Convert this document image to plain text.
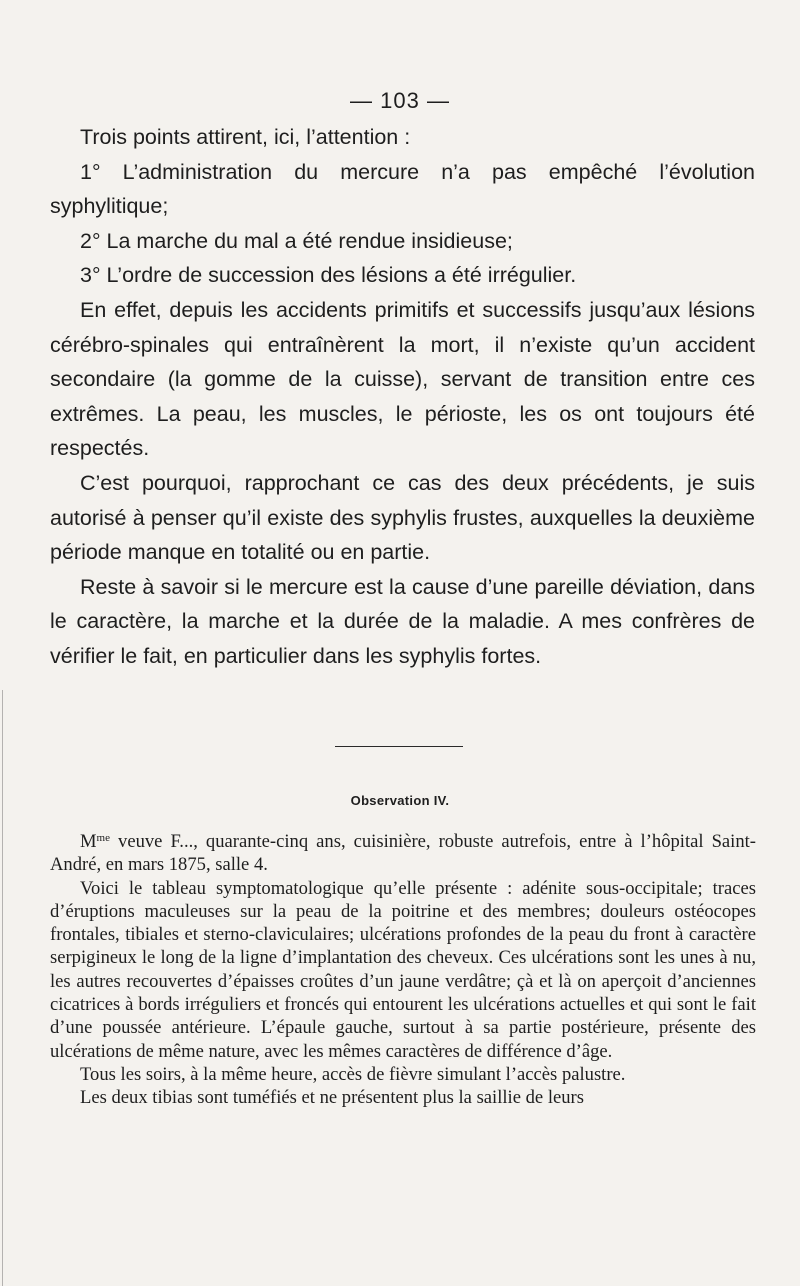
— 103 —

Trois points attirent, ici, l’attention :

1° L’administration du mercure n’a pas empêché l’évolution syphylitique;

2° La marche du mal a été rendue insidieuse;

3° L’ordre de succession des lésions a été irrégulier.

En effet, depuis les accidents primitifs et successifs jusqu’aux lésions cérébro-spinales qui entraînèrent la mort, il n’existe qu’un accident secondaire (la gomme de la cuisse), servant de transition entre ces extrêmes. La peau, les muscles, le périoste, les os ont toujours été respectés.

C’est pourquoi, rapprochant ce cas des deux précédents, je suis autorisé à penser qu’il existe des syphylis frustes, auxquelles la deuxième période manque en totalité ou en partie.

Reste à savoir si le mercure est la cause d’une pareille déviation, dans le caractère, la marche et la durée de la maladie. A mes confrères de vérifier le fait, en particulier dans les syphylis fortes.

Observation IV.

$M^{me}$ veuve F..., quarante-cinq ans, cuisinière, robuste autrefois, entre à l’hôpital Saint-André, en mars 1875, salle 4.

Voici le tableau symptomatologique qu’elle présente : adénite sous-occipitale; traces d’éruptions maculeuses sur la peau de la poitrine et des membres; douleurs ostéocopes frontales, tibiales et sterno-claviculaires; ulcérations profondes de la peau du front à caractère serpigineux le long de la ligne d’implantation des cheveux. Ces ulcérations sont les unes à nu, les autres recouvertes d’épaisses croûtes d’un jaune verdâtre; çà et là on aperçoit d’anciennes cicatrices à bords irréguliers et froncés qui entourent les ulcérations actuelles et qui sont le fait d’une poussée antérieure. L’épaule gauche, surtout à sa partie postérieure, présente des ulcérations de même nature, avec les mêmes caractères de différence d’âge.

Tous les soirs, à la même heure, accès de fièvre simulant l’accès palustre.

Les deux tibias sont tuméfiés et ne présentent plus la saillie de leurs
